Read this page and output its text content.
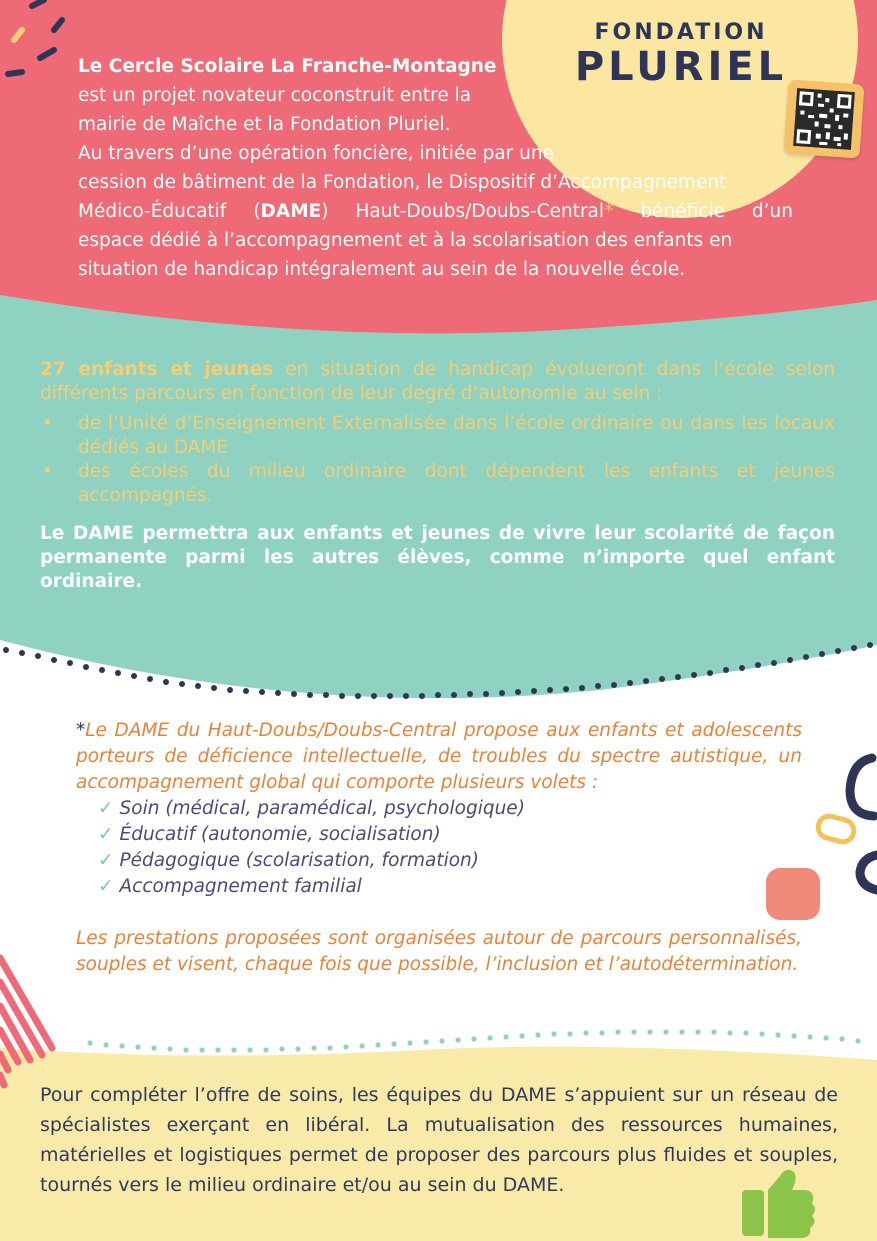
FONDATION
PLURIEL
Le Cercle Scolaire La Franche-Montagne
est un projet novateur coconstruit entre la
mairie de Maîche et la Fondation Pluriel.
Au travers d’une opération foncière, initiée par une
cession de bâtiment de la Fondation, le Dispositif d’Accompagnement
Médico-Éducatif (DAME) Haut-Doubs/Doubs-Central* bénéficie d’un
espace dédié à l’accompagnement et à la scolarisation des enfants en
situation de handicap intégralement au sein de la nouvelle école.
27 enfants et jeunes en situation de handicap évolueront dans l’école selon différents parcours en fonction de leur degré d’autonomie au sein :
• de l’Unité d’Enseignement Externalisée dans l’école ordinaire ou dans les locaux dédiés au DAME
• des écoles du milieu ordinaire dont dépendent les enfants et jeunes accompagnés.
Le DAME permettra aux enfants et jeunes de vivre leur scolarité de façon permanente parmi les autres élèves, comme n’importe quel enfant ordinaire.
*Le DAME du Haut-Doubs/Doubs-Central propose aux enfants et adolescents porteurs de déficience intellectuelle, de troubles du spectre autistique, un accompagnement global qui comporte plusieurs volets :
✓ Soin (médical, paramédical, psychologique)
✓ Éducatif (autonomie, socialisation)
✓ Pédagogique (scolarisation, formation)
✓ Accompagnement familial
Les prestations proposées sont organisées autour de parcours personnalisés, souples et visent, chaque fois que possible, l’inclusion et l’autodétermination.
Pour compléter l’offre de soins, les équipes du DAME s’appuient sur un réseau de spécialistes exerçant en libéral. La mutualisation des ressources humaines, matérielles et logistiques permet de proposer des parcours plus fluides et souples, tournés vers le milieu ordinaire et/ou au sein du DAME.
